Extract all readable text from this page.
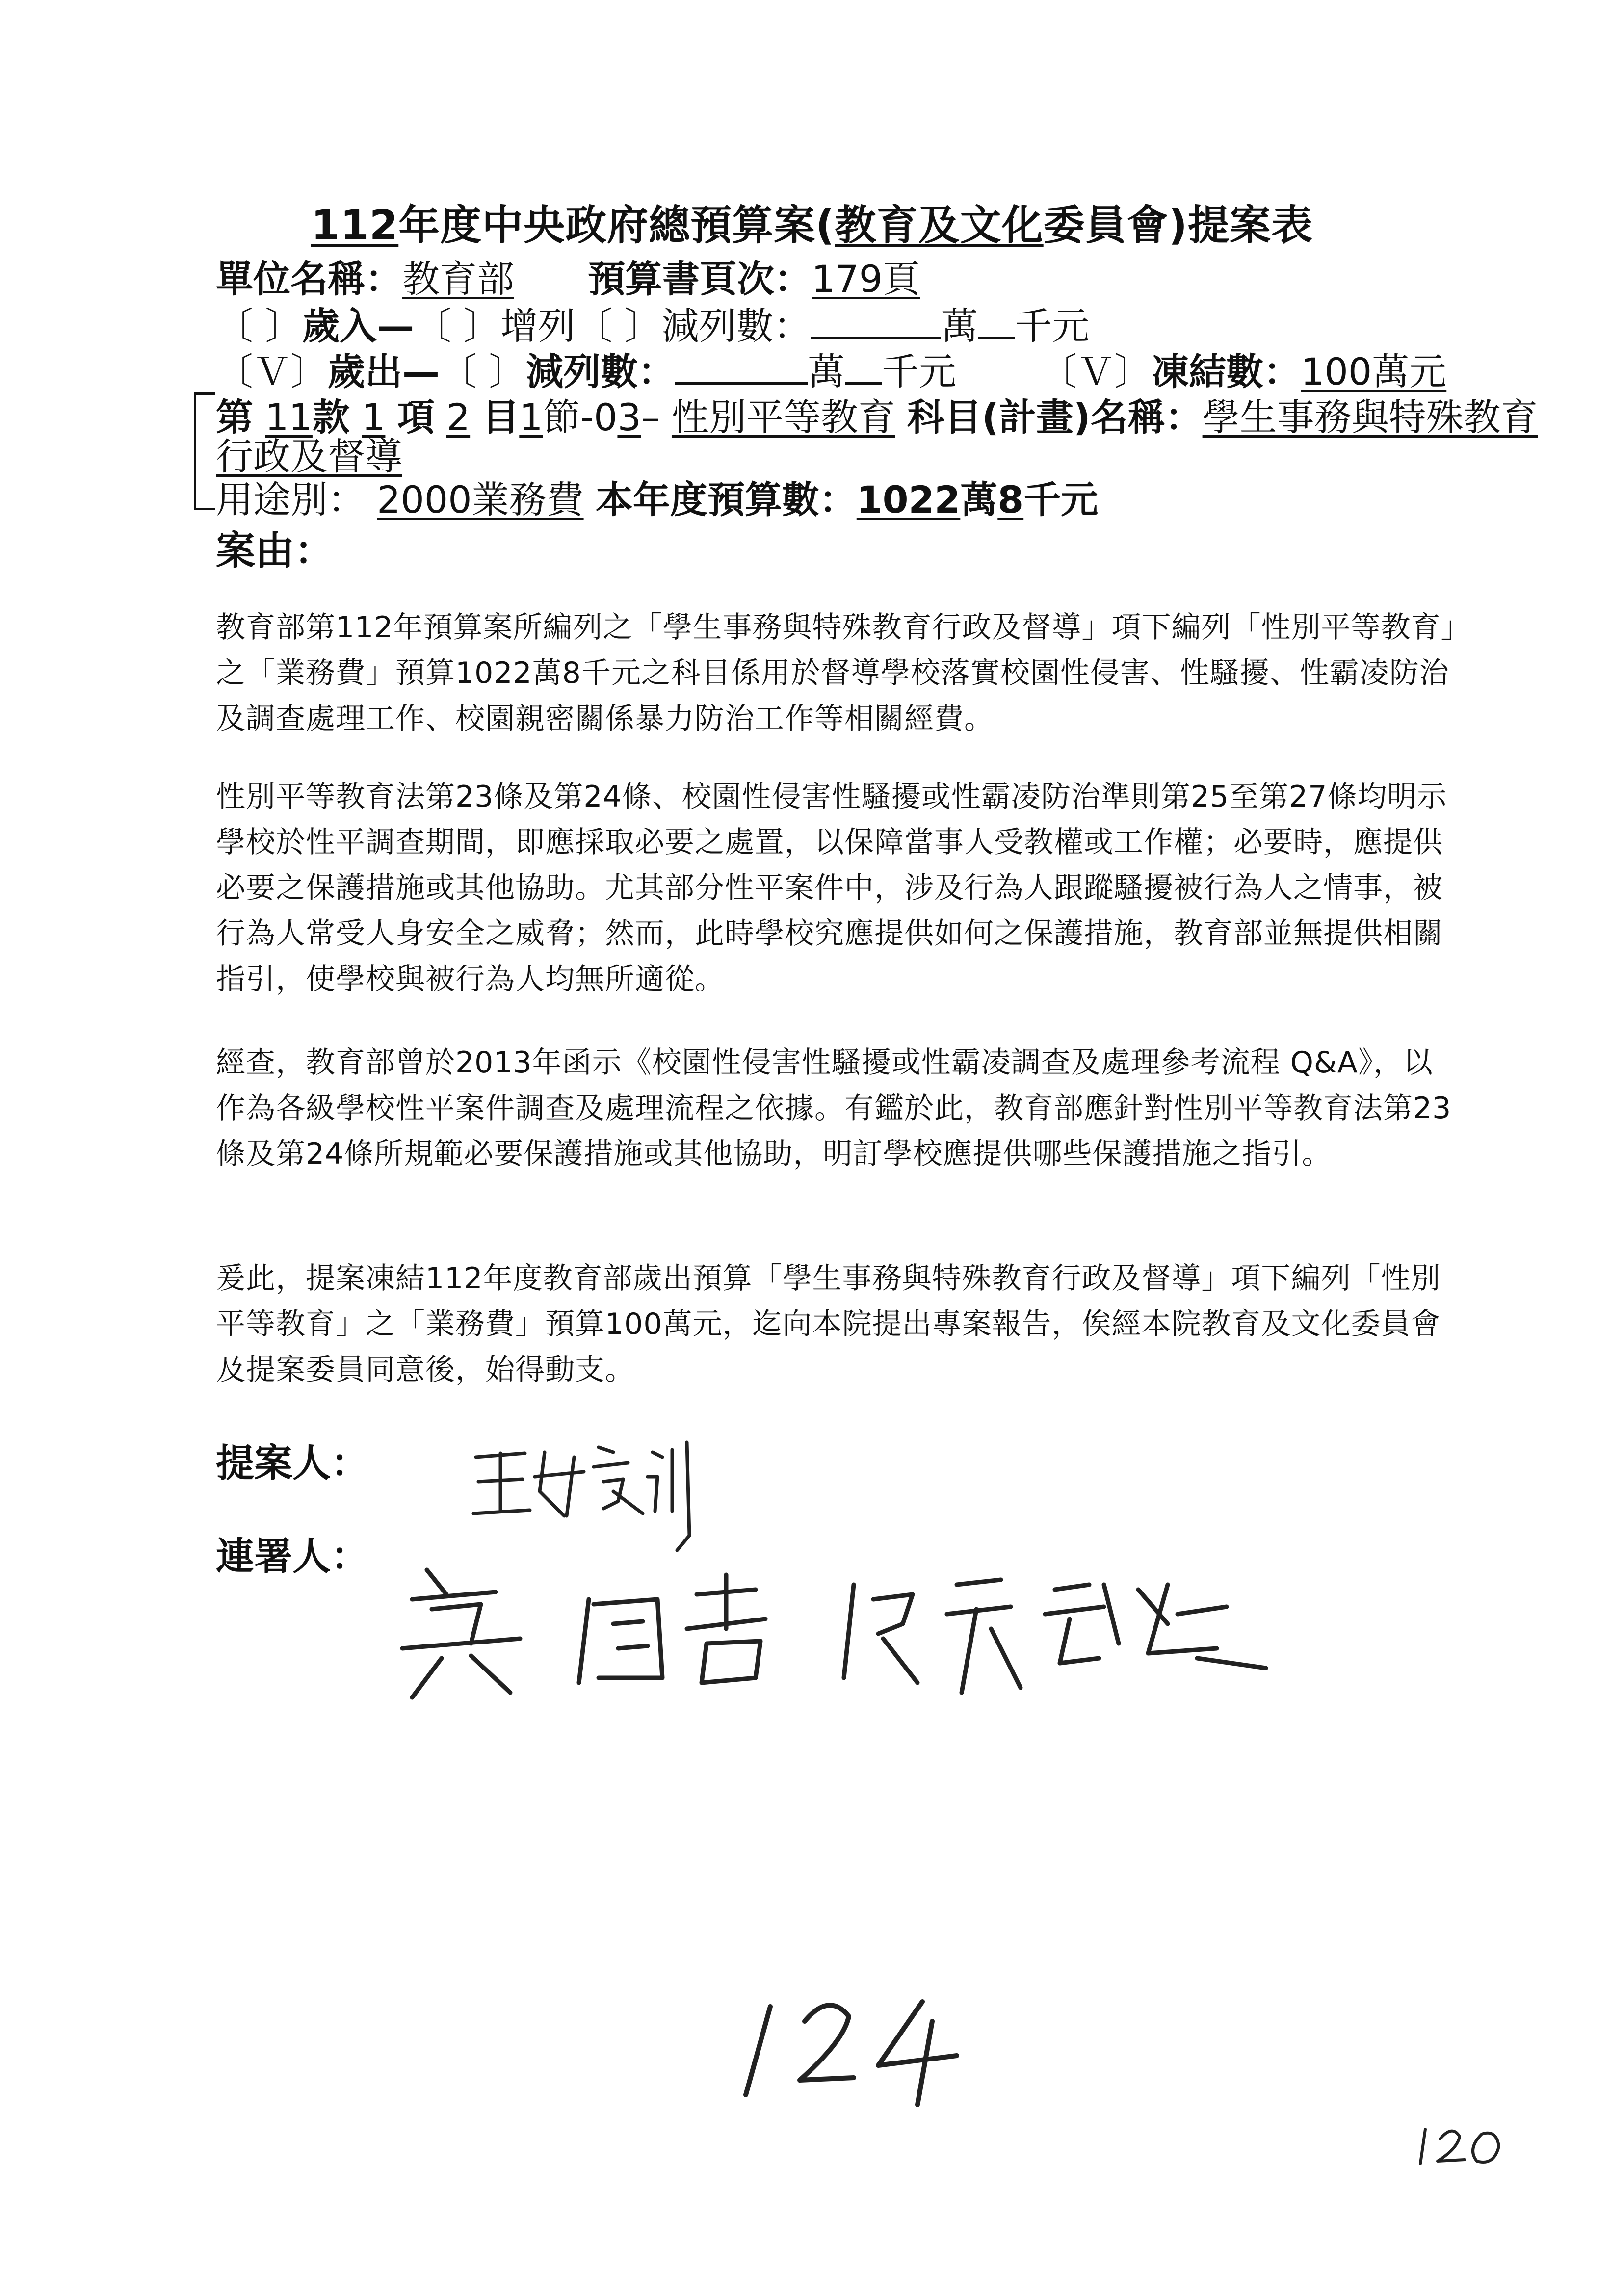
112年度中央政府總預算案(教育及文化委員會)提案表
單位名稱：教育部 預算書頁次：179頁
〔 〕歲入—〔 〕增列〔 〕減列數：	萬 千元
〔Ｖ〕歲出—〔 〕減列數：	萬 千元 〔Ｖ〕凍結數：100萬元
第 11款 1 項 2 目1節-03– 性別平等教育 科目(計畫)名稱：學生事務與特殊教育
行政及督導
用途別： 2000業務費 本年度預算數：1022萬8千元
案由：

教育部第112年預算案所編列之「學生事務與特殊教育行政及督導」項下編列「性別平等教育」之「業務費」預算1022萬8千元之科目係用於督導學校落實校園性侵害、性騷擾、性霸凌防治及調查處理工作、校園親密關係暴力防治工作等相關經費。

性別平等教育法第23條及第24條、校園性侵害性騷擾或性霸凌防治準則第25至第27條均明示學校於性平調查期間，即應採取必要之處置，以保障當事人受教權或工作權；必要時，應提供必要之保護措施或其他協助。尤其部分性平案件中，涉及行為人跟蹤騷擾被行為人之情事，被行為人常受人身安全之威脅；然而，此時學校究應提供如何之保護措施，教育部並無提供相關指引，使學校與被行為人均無所適從。

經查，教育部曾於2013年函示《校園性侵害性騷擾或性霸凌調查及處理參考流程 Q&A》，以作為各級學校性平案件調查及處理流程之依據。有鑑於此，教育部應針對性別平等教育法第23條及第24條所規範必要保護措施或其他協助，明訂學校應提供哪些保護措施之指引。

爰此，提案凍結112年度教育部歲出預算「學生事務與特殊教育行政及督導」項下編列「性別平等教育」之「業務費」預算100萬元，迄向本院提出專案報告，俟經本院教育及文化委員會及提案委員同意後，始得動支。

提案人：
連署人：
